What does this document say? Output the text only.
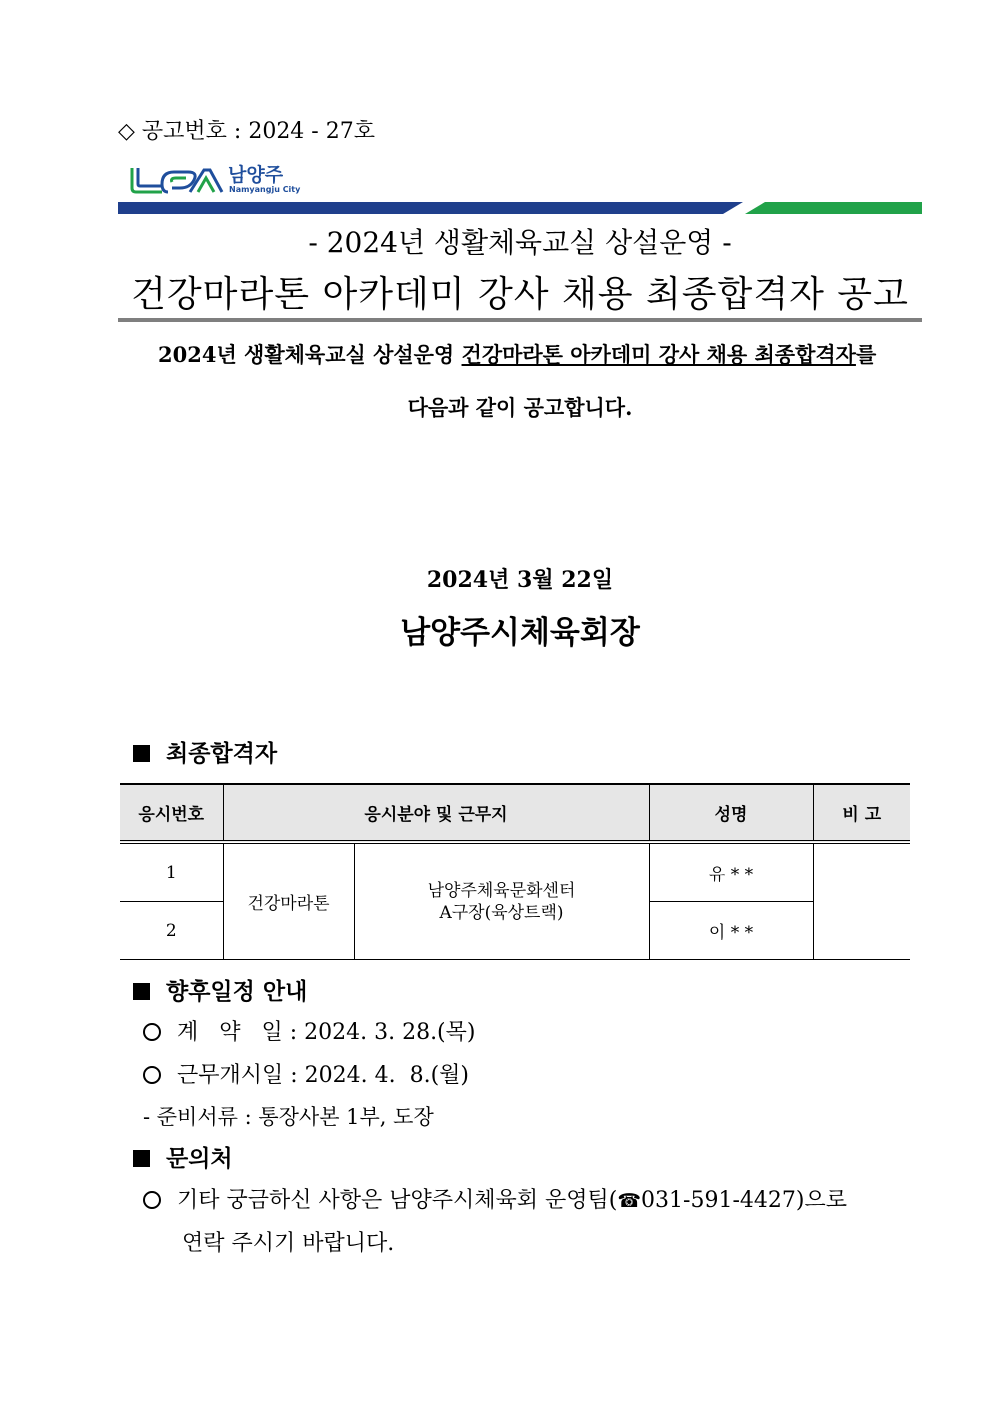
◇ 공고번호 : 2024 - 27호
남양주
Namyangju City
- 2024년 생활체육교실 상설운영 -
건강마라톤 아카데미 강사 채용 최종합격자 공고
2024년 생활체육교실 상설운영 건강마라톤 아카데미 강사 채용 최종합격자를
다음과 같이 공고합니다.
2024년 3월 22일
남양주시체육회장
최종합격자
응시번호	응시분야 및 근무지		성명	비 고
1	건강마라톤	남양주체육문화센터
A구장(육상트랙)	유 * *	
2			이 * *	
향후일정 안내
계   약   일 : 2024. 3. 28.(목)
근무개시일 : 2024. 4.  8.(월)
- 준비서류 : 통장사본 1부, 도장
문의처
기타 궁금하신 사항은 남양주시체육회 운영팀(☎031-591-4427)으로
연락 주시기 바랍니다.
